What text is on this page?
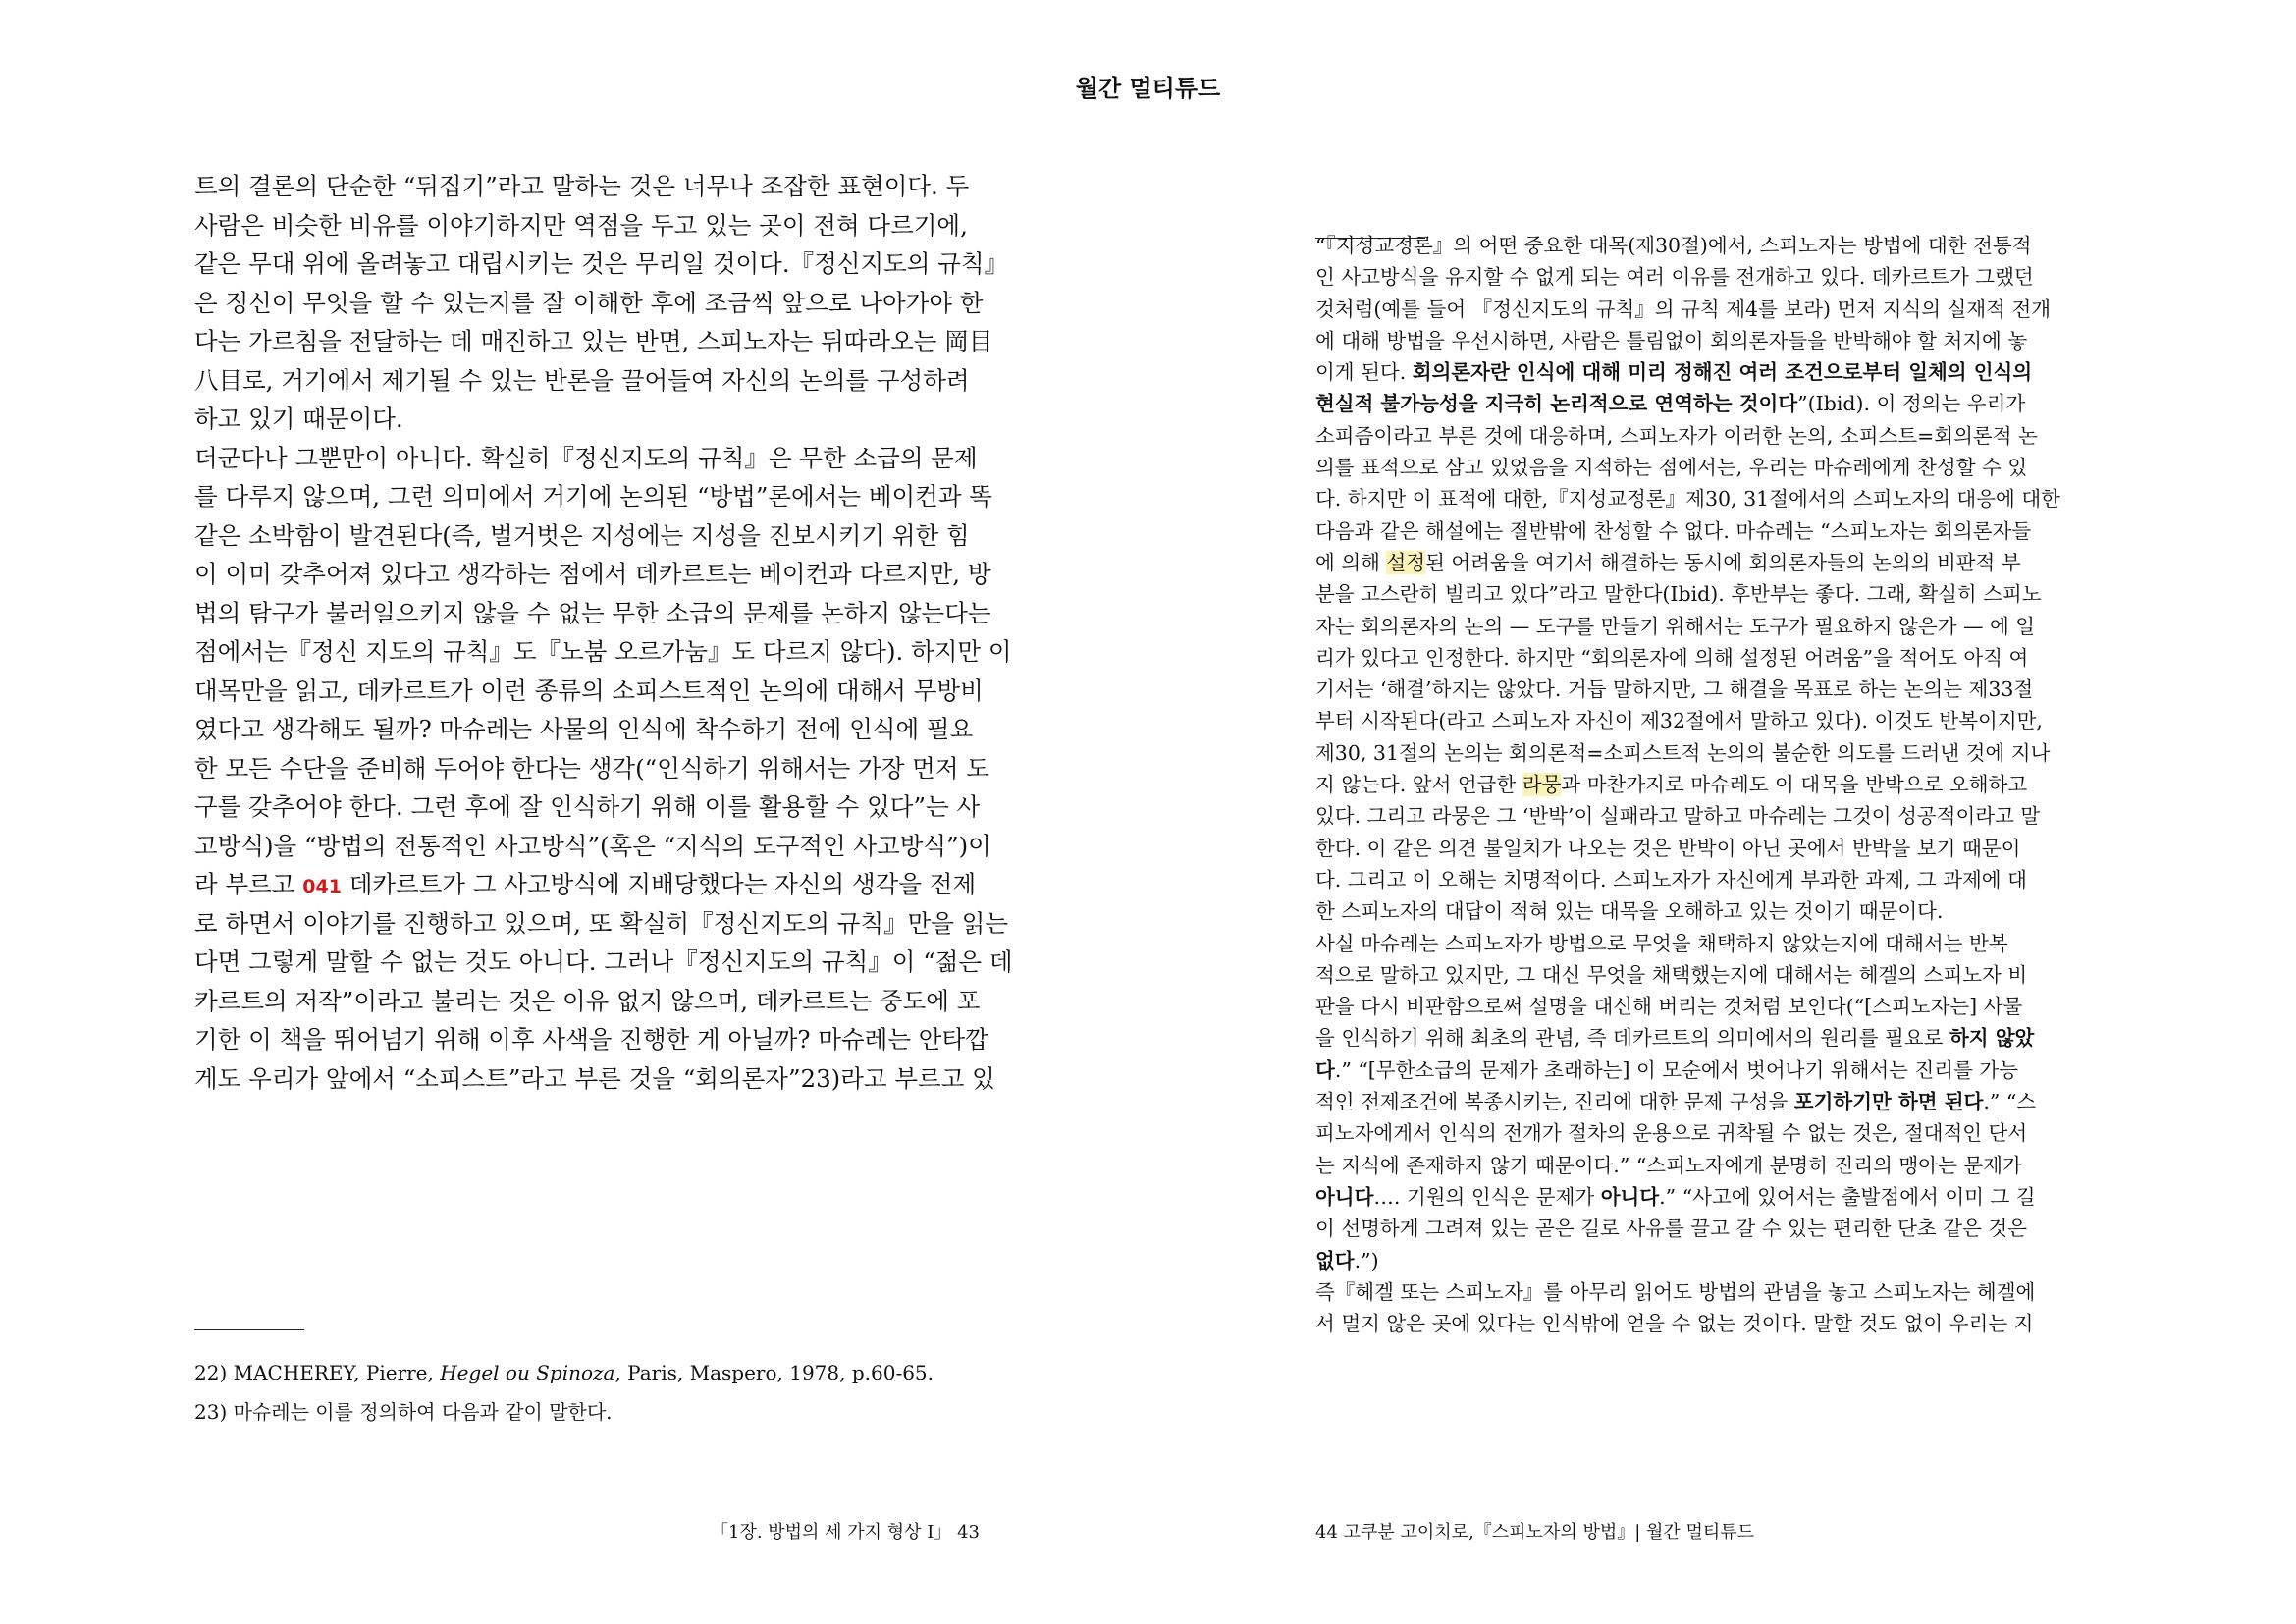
월간 멀티튜드

트의 결론의 단순한 “뒤집기”라고 말하는 것은 너무나 조잡한 표현이다. 두

사람은 비슷한 비유를 이야기하지만 역점을 두고 있는 곳이 전혀 다르기에,

같은 무대 위에 올려놓고 대립시키는 것은 무리일 것이다.『정신지도의 규칙』

은 정신이 무엇을 할 수 있는지를 잘 이해한 후에 조금씩 앞으로 나아가야 한

다는 가르침을 전달하는 데 매진하고 있는 반면, 스피노자는 뒤따라오는 岡目

八目로, 거기에서 제기될 수 있는 반론을 끌어들여 자신의 논의를 구성하려

하고 있기 때문이다.

더군다나 그뿐만이 아니다. 확실히『정신지도의 규칙』은 무한 소급의 문제

를 다루지 않으며, 그런 의미에서 거기에 논의된 “방법”론에서는 베이컨과 똑

같은 소박함이 발견된다(즉, 벌거벗은 지성에는 지성을 진보시키기 위한 힘

이 이미 갖추어져 있다고 생각하는 점에서 데카르트는 베이컨과 다르지만, 방

법의 탐구가 불러일으키지 않을 수 없는 무한 소급의 문제를 논하지 않는다는

점에서는『정신 지도의 규칙』도『노붐 오르가눔』도 다르지 않다). 하지만 이

대목만을 읽고, 데카르트가 이런 종류의 소피스트적인 논의에 대해서 무방비

였다고 생각해도 될까? 마슈레는 사물의 인식에 착수하기 전에 인식에 필요

한 모든 수단을 준비해 두어야 한다는 생각(“인식하기 위해서는 가장 먼저 도

구를 갖추어야 한다. 그런 후에 잘 인식하기 위해 이를 활용할 수 있다”는 사

고방식)을 “방법의 전통적인 사고방식”(혹은 “지식의 도구적인 사고방식”)이

라 부르고 041 데카르트가 그 사고방식에 지배당했다는 자신의 생각을 전제

로 하면서 이야기를 진행하고 있으며, 또 확실히『정신지도의 규칙』만을 읽는

다면 그렇게 말할 수 없는 것도 아니다. 그러나『정신지도의 규칙』이 “젊은 데

카르트의 저작”이라고 불리는 것은 이유 없지 않으며, 데카르트는 중도에 포

기한 이 책을 뛰어넘기 위해 이후 사색을 진행한 게 아닐까? 마슈레는 안타깝

게도 우리가 앞에서 “소피스트”라고 부른 것을 “회의론자”23)라고 부르고 있

22) MACHEREY, Pierre, Hegel ou Spinoza, Paris, Maspero, 1978, p.60-65.

23) 마슈레는 이를 정의하여 다음과 같이 말한다.

「1장. 방법의 세 가지 형상 I」 43

“『지성교정론』의 어떤 중요한 대목(제30절)에서, 스피노자는 방법에 대한 전통적

인 사고방식을 유지할 수 없게 되는 여러 이유를 전개하고 있다. 데카르트가 그랬던

것처럼(예를 들어 『정신지도의 규칙』의 규칙 제4를 보라) 먼저 지식의 실재적 전개

에 대해 방법을 우선시하면, 사람은 틀림없이 회의론자들을 반박해야 할 처지에 놓

이게 된다. 회의론자란 인식에 대해 미리 정해진 여러 조건으로부터 일체의 인식의

현실적 불가능성을 지극히 논리적으로 연역하는 것이다”(Ibid). 이 정의는 우리가

소피즘이라고 부른 것에 대응하며, 스피노자가 이러한 논의, 소피스트=회의론적 논

의를 표적으로 삼고 있었음을 지적하는 점에서는, 우리는 마슈레에게 찬성할 수 있

다. 하지만 이 표적에 대한,『지성교정론』제30, 31절에서의 스피노자의 대응에 대한

다음과 같은 해설에는 절반밖에 찬성할 수 없다. 마슈레는 “스피노자는 회의론자들

에 의해 설정된 어려움을 여기서 해결하는 동시에 회의론자들의 논의의 비판적 부

분을 고스란히 빌리고 있다”라고 말한다(Ibid). 후반부는 좋다. 그래, 확실히 스피노

자는 회의론자의 논의 — 도구를 만들기 위해서는 도구가 필요하지 않은가 — 에 일

리가 있다고 인정한다. 하지만 “회의론자에 의해 설정된 어려움”을 적어도 아직 여

기서는 ‘해결’하지는 않았다. 거듭 말하지만, 그 해결을 목표로 하는 논의는 제33절

부터 시작된다(라고 스피노자 자신이 제32절에서 말하고 있다). 이것도 반복이지만,

제30, 31절의 논의는 회의론적=소피스트적 논의의 불순한 의도를 드러낸 것에 지나

지 않는다. 앞서 언급한 라뭉과 마찬가지로 마슈레도 이 대목을 반박으로 오해하고

있다. 그리고 라뭉은 그 ‘반박’이 실패라고 말하고 마슈레는 그것이 성공적이라고 말

한다. 이 같은 의견 불일치가 나오는 것은 반박이 아닌 곳에서 반박을 보기 때문이

다. 그리고 이 오해는 치명적이다. 스피노자가 자신에게 부과한 과제, 그 과제에 대

한 스피노자의 대답이 적혀 있는 대목을 오해하고 있는 것이기 때문이다.

사실 마슈레는 스피노자가 방법으로 무엇을 채택하지 않았는지에 대해서는 반복

적으로 말하고 있지만, 그 대신 무엇을 채택했는지에 대해서는 헤겔의 스피노자 비

판을 다시 비판함으로써 설명을 대신해 버리는 것처럼 보인다(“[스피노자는] 사물

을 인식하기 위해 최초의 관념, 즉 데카르트의 의미에서의 원리를 필요로 하지 않았

다.” “[무한소급의 문제가 초래하는] 이 모순에서 벗어나기 위해서는 진리를 가능

적인 전제조건에 복종시키는, 진리에 대한 문제 구성을 포기하기만 하면 된다.” “스

피노자에게서 인식의 전개가 절차의 운용으로 귀착될 수 없는 것은, 절대적인 단서

는 지식에 존재하지 않기 때문이다.” “스피노자에게 분명히 진리의 맹아는 문제가

아니다…. 기원의 인식은 문제가 아니다.” “사고에 있어서는 출발점에서 이미 그 길

이 선명하게 그려져 있는 곧은 길로 사유를 끌고 갈 수 있는 편리한 단초 같은 것은

없다.”)

즉『헤겔 또는 스피노자』를 아무리 읽어도 방법의 관념을 놓고 스피노자는 헤겔에

서 멀지 않은 곳에 있다는 인식밖에 얻을 수 없는 것이다. 말할 것도 없이 우리는 지

44 고쿠분 고이치로,『스피노자의 방법』| 월간 멀티튜드
